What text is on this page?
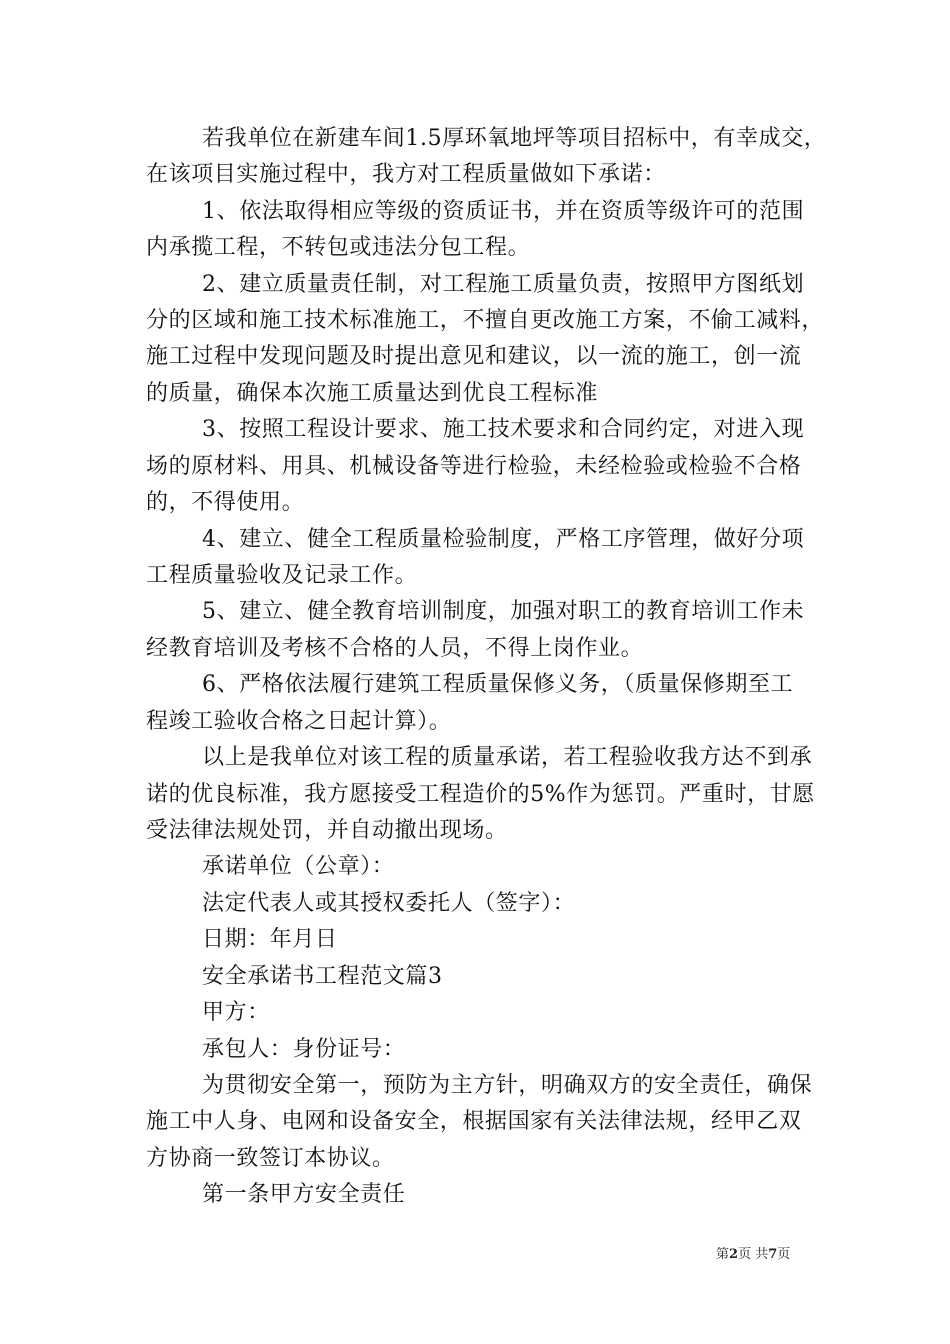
若我单位在新建车间1.5厚环氧地坪等项目招标中，有幸成交，
在该项目实施过程中，我方对工程质量做如下承诺：
1、依法取得相应等级的资质证书，并在资质等级许可的范围
内承揽工程，不转包或违法分包工程。
2、建立质量责任制，对工程施工质量负责，按照甲方图纸划
分的区域和施工技术标准施工，不擅自更改施工方案，不偷工减料，
施工过程中发现问题及时提出意见和建议，以一流的施工，创一流
的质量，确保本次施工质量达到优良工程标准
3、按照工程设计要求、施工技术要求和合同约定，对进入现
场的原材料、用具、机械设备等进行检验，未经检验或检验不合格
的，不得使用。
4、建立、健全工程质量检验制度，严格工序管理，做好分项
工程质量验收及记录工作。
5、建立、健全教育培训制度，加强对职工的教育培训工作未
经教育培训及考核不合格的人员，不得上岗作业。
6、严格依法履行建筑工程质量保修义务，（质量保修期至工
程竣工验收合格之日起计算）。
以上是我单位对该工程的质量承诺，若工程验收我方达不到承
诺的优良标准，我方愿接受工程造价的5%作为惩罚。严重时，甘愿
受法律法规处罚，并自动撤出现场。
承诺单位（公章）：
法定代表人或其授权委托人（签字）：
日期：年月日
安全承诺书工程范文篇3
甲方：
承包人：身份证号：
为贯彻安全第一，预防为主方针，明确双方的安全责任，确保
施工中人身、电网和设备安全，根据国家有关法律法规，经甲乙双
方协商一致签订本协议。
第一条甲方安全责任
第2页 共7页
